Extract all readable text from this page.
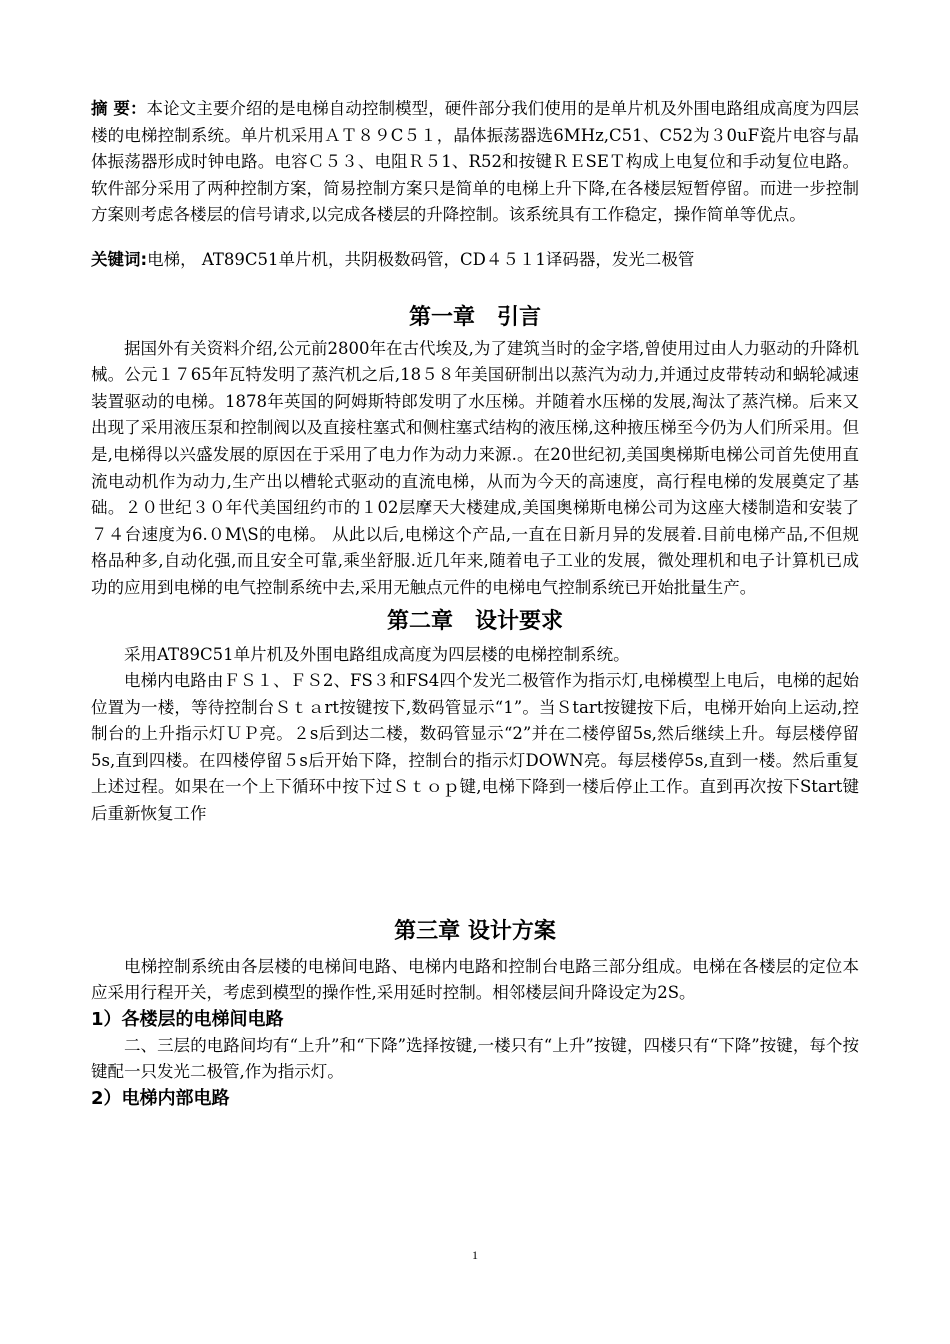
摘 要：本论文主要介绍的是电梯自动控制模型，硬件部分我们使用的是单片机及外围电路组成高度为四层楼的电梯控制系统。单片机采用ＡＴ８９C５１，晶体振荡器选6MHz,C51、C52为３0uF瓷片电容与晶体振荡器形成时钟电路。电容Ｃ５３、电阻Ｒ５1、R52和按键ＲＥSEＴ构成上电复位和手动复位电路。软件部分采用了两种控制方案，简易控制方案只是简单的电梯上升下降,在各楼层短暂停留。而进一步控制方案则考虑各楼层的信号请求,以完成各楼层的升降控制。该系统具有工作稳定，操作简单等优点。

关键词:电梯， AT89C51单片机，共阴极数码管，CD４５１1译码器，发光二极管

第一章　引言

据国外有关资料介绍,公元前2800年在古代埃及,为了建筑当时的金字塔,曾使用过由人力驱动的升降机械。公元１７65年瓦特发明了蒸汽机之后,18５８年美国研制出以蒸汽为动力,并通过皮带转动和蜗轮减速装置驱动的电梯。1878年英国的阿姆斯特郎发明了水压梯。并随着水压梯的发展,淘汰了蒸汽梯。后来又出现了采用液压泵和控制阀以及直接柱塞式和侧柱塞式结构的液压梯,这种掖压梯至今仍为人们所采用。但是,电梯得以兴盛发展的原因在于采用了电力作为动力来源.。在20世纪初,美国奥梯斯电梯公司首先使用直流电动机作为动力,生产出以槽轮式驱动的直流电梯，从而为今天的高速度，高行程电梯的发展奠定了基础。２０世纪３０年代美国纽约市的１02层摩天大楼建成,美国奥梯斯电梯公司为这座大楼制造和安装了７４台速度为6.０M\S的电梯。 从此以后,电梯这个产品,一直在日新月异的发展着.目前电梯产品,不但规格品种多,自动化强,而且安全可靠,乘坐舒服.近几年来,随着电子工业的发展，微处理机和电子计算机已成功的应用到电梯的电气控制系统中去,采用无触点元件的电梯电气控制系统已开始批量生产。

第二章　设计要求

采用AT89C51单片机及外围电路组成高度为四层楼的电梯控制系统。

电梯内电路由ＦＳ１、ＦＳ2、FS３和FS4四个发光二极管作为指示灯,电梯模型上电后，电梯的起始位置为一楼，等待控制台Ｓｔａrt按键按下,数码管显示“1”。当Ｓtart按键按下后，电梯开始向上运动,控制台的上升指示灯ＵＰ亮。２s后到达二楼，数码管显示“2”并在二楼停留5s,然后继续上升。每层楼停留5s,直到四楼。在四楼停留５s后开始下降，控制台的指示灯DOWN亮。每层楼停5s,直到一楼。然后重复上述过程。如果在一个上下循环中按下过Ｓｔｏｐ键,电梯下降到一楼后停止工作。直到再次按下Start键后重新恢复工作

第三章 设计方案

电梯控制系统由各层楼的电梯间电路、电梯内电路和控制台电路三部分组成。电梯在各楼层的定位本应采用行程开关，考虑到模型的操作性,采用延时控制。相邻楼层间升降设定为2S。

1）各楼层的电梯间电路

二、三层的电路间均有“上升”和“下降”选择按键,一楼只有“上升”按键，四楼只有“下降”按键，每个按键配一只发光二极管,作为指示灯。

2）电梯内部电路
1
